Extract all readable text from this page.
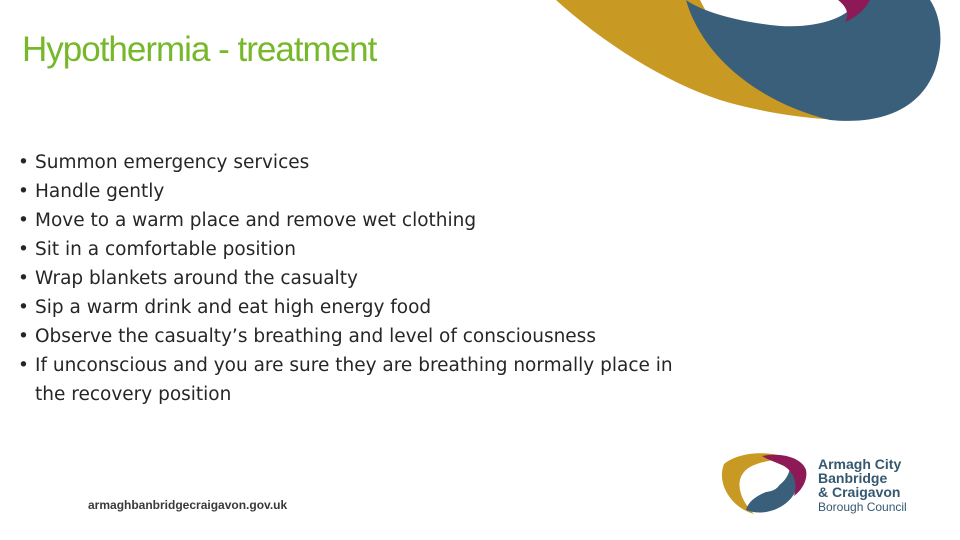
Hypothermia - treatment
• Summon emergency services
• Handle gently
• Move to a warm place and remove wet clothing
• Sit in a comfortable position
• Wrap blankets around the casualty
• Sip a warm drink and eat high energy food
• Observe the casualty’s breathing and level of consciousness
• If unconscious and you are sure they are breathing normally place in the recovery position
Armagh City
Banbridge
& Craigavon
Borough Council
armaghbanbridgecraigavon.gov.uk
